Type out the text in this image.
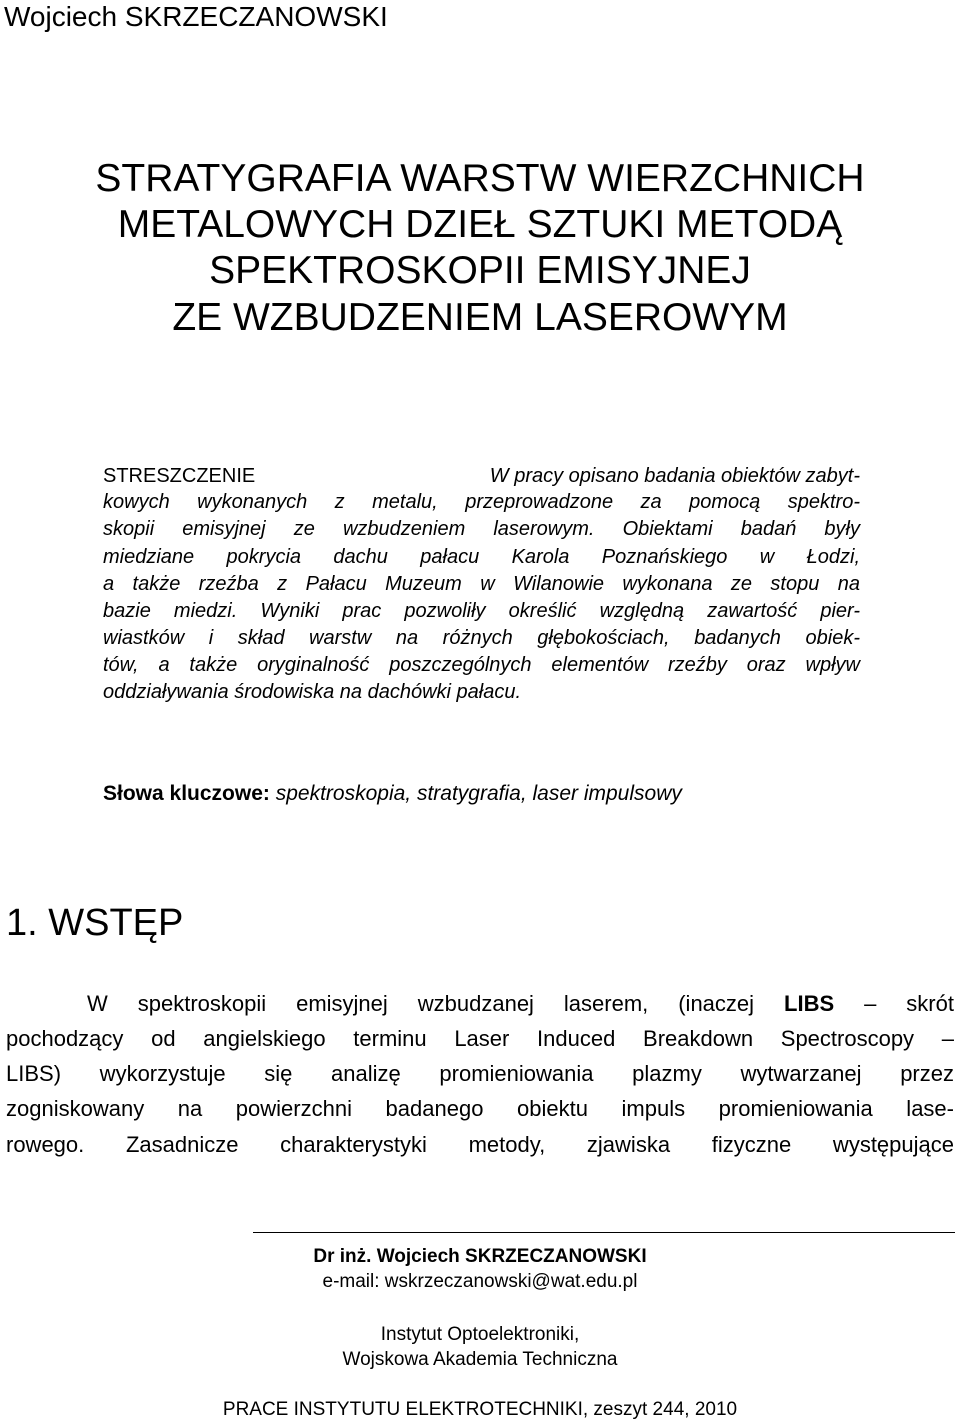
Wojciech SKRZECZANOWSKI
STRATYGRAFIA WARSTW WIERZCHNICH
METALOWYCH DZIEŁ SZTUKI METODĄ
SPEKTROSKOPII EMISYJNEJ
ZE WZBUDZENIEM LASEROWYM
STRESZCZENIE	W pracy opisano badania obiektów zabyt-
kowych wykonanych z metalu, przeprowadzone za pomocą spektro-
skopii emisyjnej ze wzbudzeniem laserowym. Obiektami badań były
miedziane pokrycia dachu pałacu Karola Poznańskiego w Łodzi,
a także rzeźba z Pałacu Muzeum w Wilanowie wykonana ze stopu na
bazie miedzi. Wyniki prac pozwoliły określić względną zawartość pier-
wiastków i skład warstw na różnych głębokościach, badanych obiek-
tów, a także oryginalność poszczególnych elementów rzeźby oraz wpływ
oddziaływania środowiska na dachówki pałacu.
Słowa kluczowe: spektroskopia, stratygrafia, laser impulsowy
1. WSTĘP
W spektroskopii emisyjnej wzbudzanej laserem, (inaczej LIBS – skrót
pochodzący od angielskiego terminu Laser Induced Breakdown Spectroscopy –
LIBS) wykorzystuje się analizę promieniowania plazmy wytwarzanej przez
zogniskowany na powierzchni badanego obiektu impuls promieniowania lase-
rowego. Zasadnicze charakterystyki metody, zjawiska fizyczne występujące
Dr inż. Wojciech SKRZECZANOWSKI
e-mail: wskrzeczanowski@wat.edu.pl
Instytut Optoelektroniki,
Wojskowa Akademia Techniczna
PRACE INSTYTUTU ELEKTROTECHNIKI, zeszyt 244, 2010
